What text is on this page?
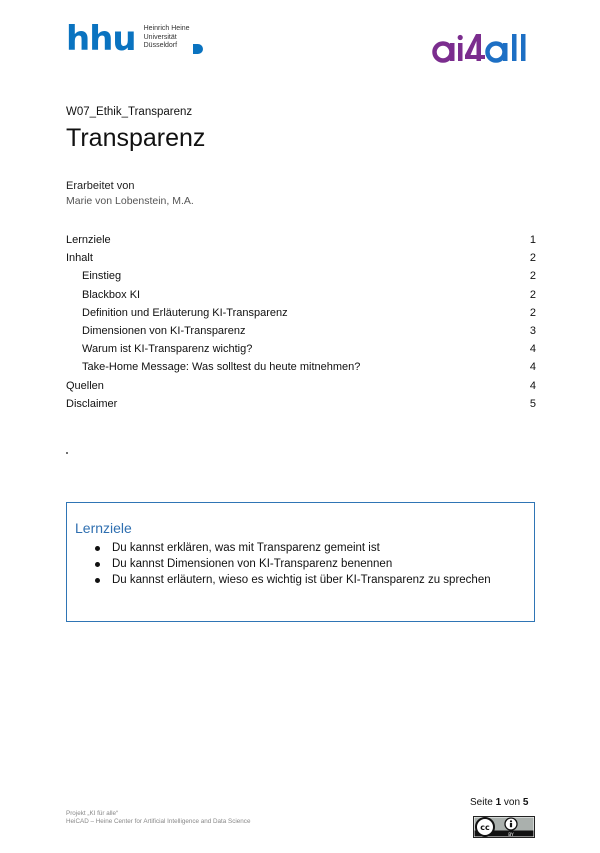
hhu Heinrich Heine
Universität
Düsseldorf
W07_Ethik_Transparenz
Transparenz
Erarbeitet von
Marie von Lobenstein, M.A.
Lernziele	1
Inhalt	2
Einstieg	2
Blackbox KI	2
Definition und Erläuterung KI-Transparenz	2
Dimensionen von KI-Transparenz	3
Warum ist KI-Transparenz wichtig?	4
Take-Home Message: Was solltest du heute mitnehmen?	4
Quellen	4
Disclaimer	5
Lernziele
Du kannst erklären, was mit Transparenz gemeint ist
Du kannst Dimensionen von KI-Transparenz benennen
Du kannst erläutern, wieso es wichtig ist über KI-Transparenz zu sprechen
Projekt „KI für alle“
HeiCAD – Heine Center for Artificial Intelligence and Data Science
Seite 1 von 5
cc
BY
